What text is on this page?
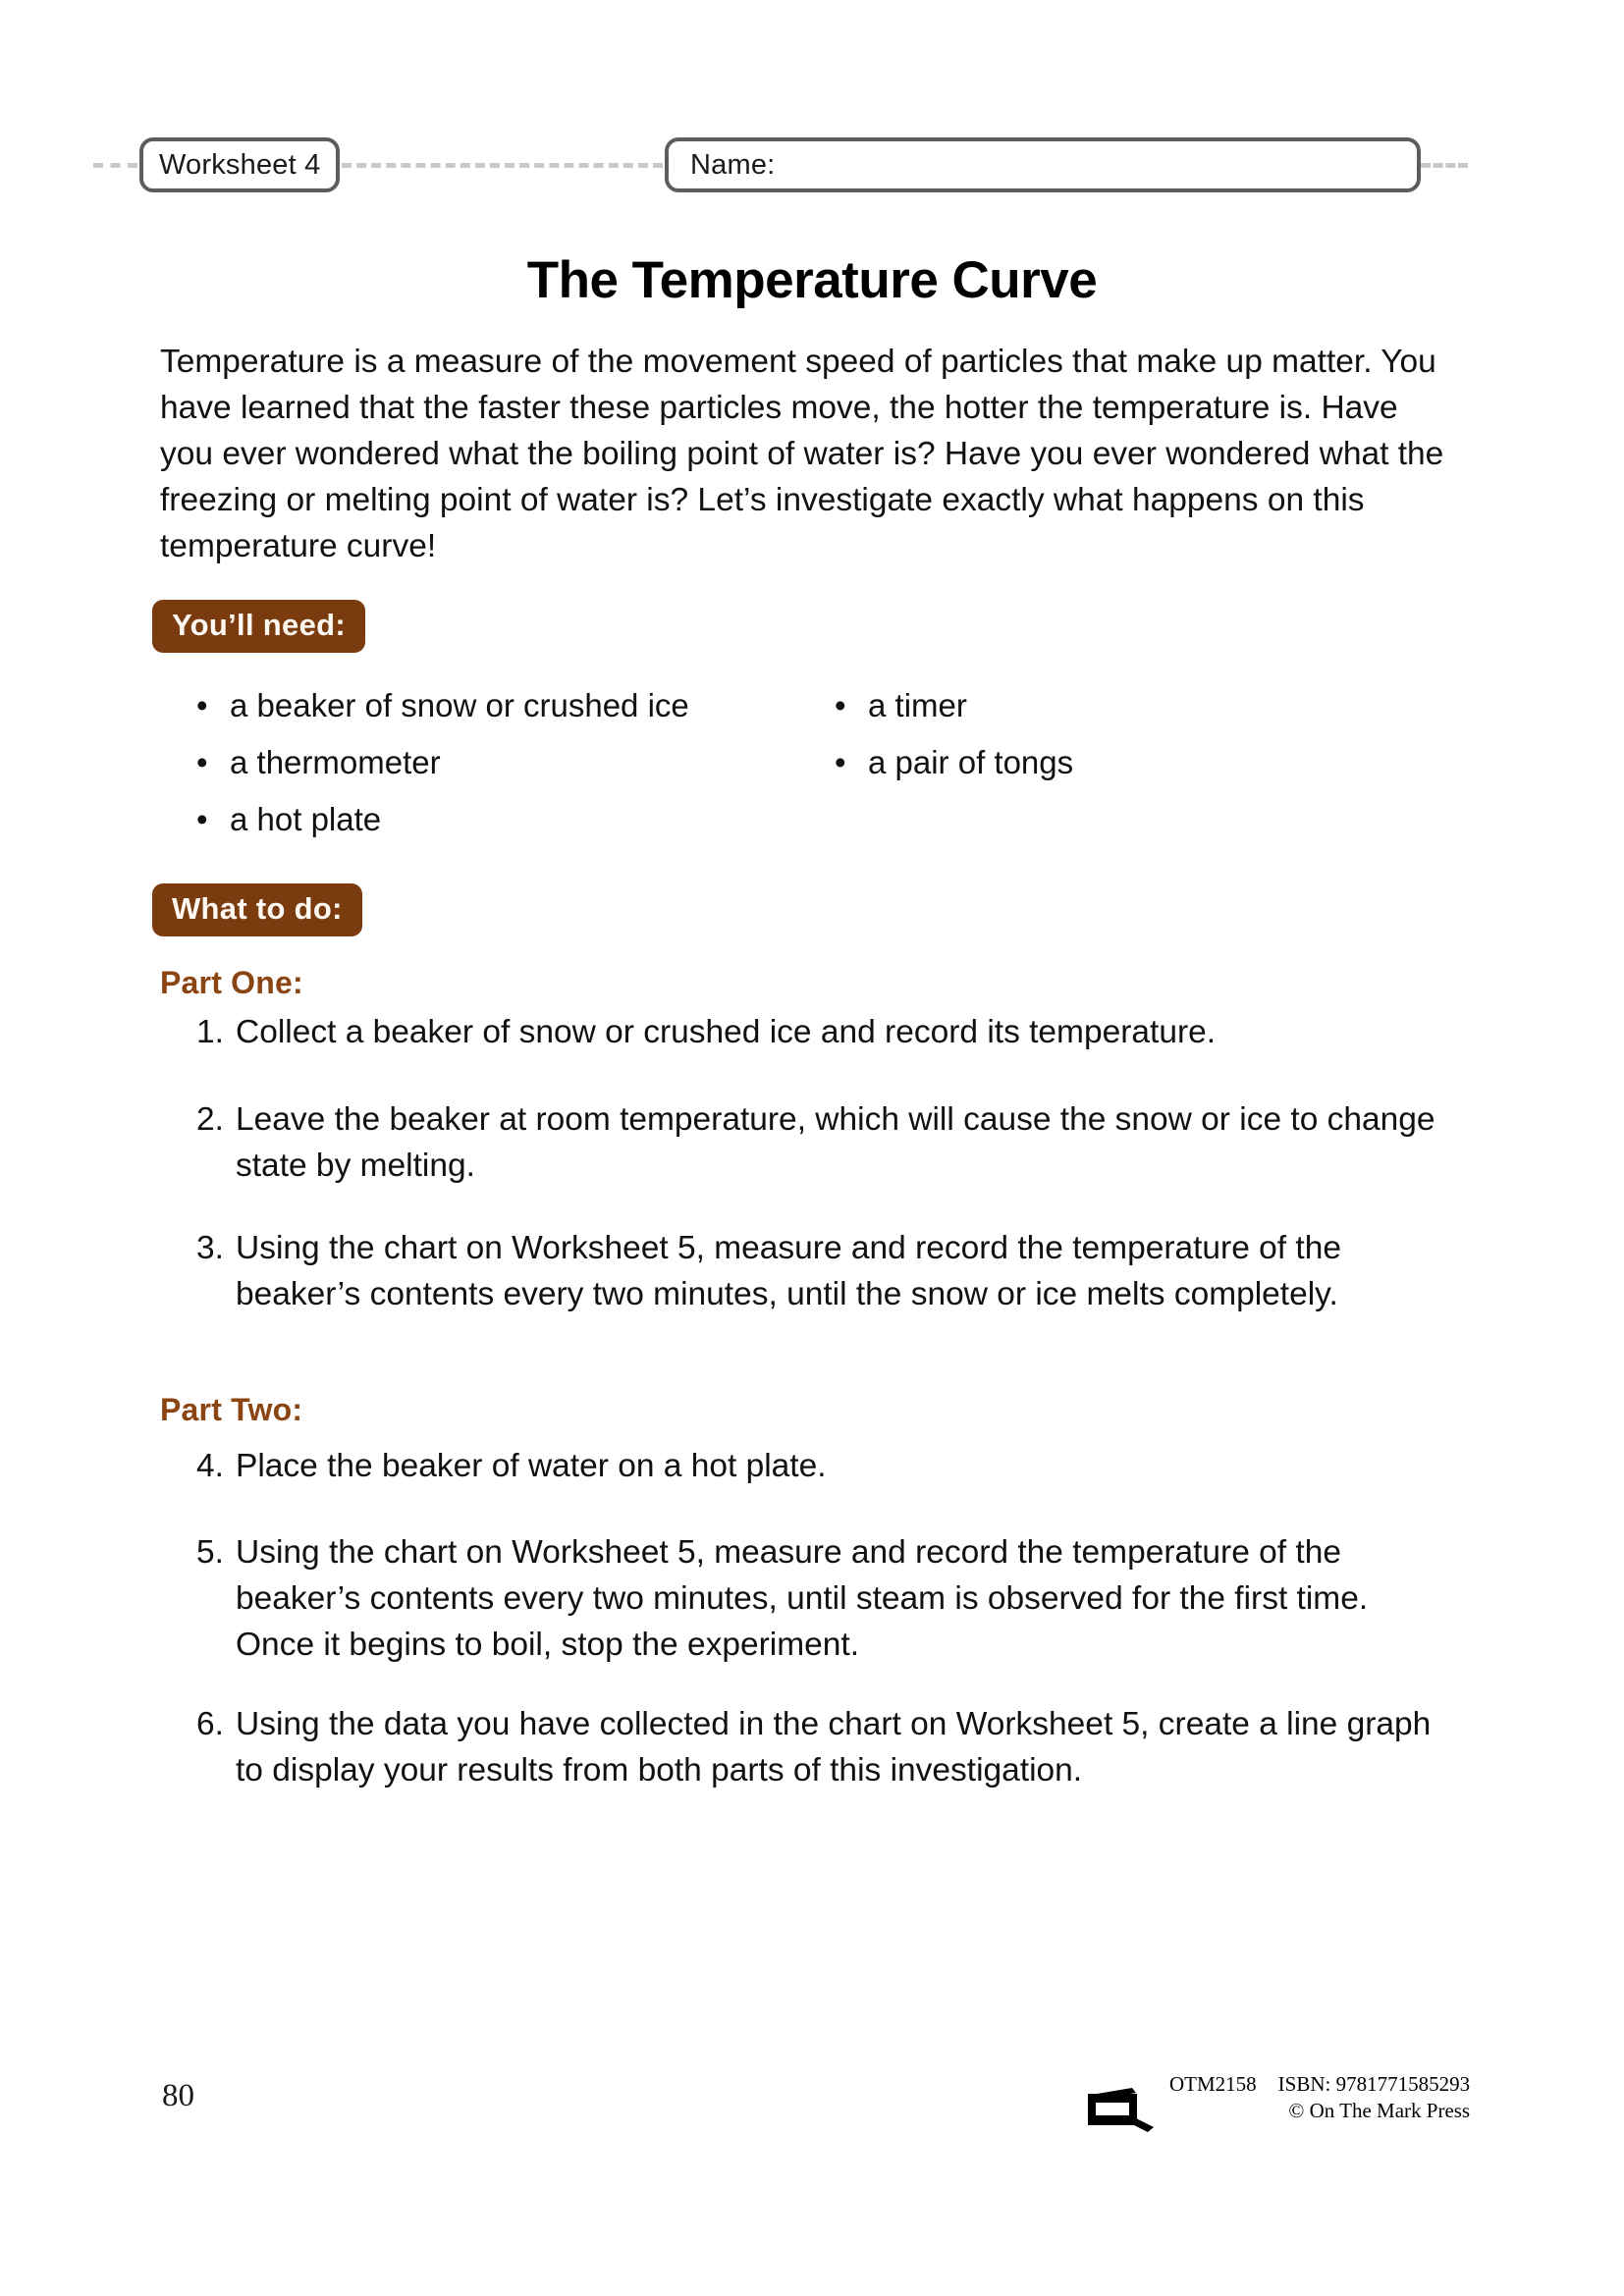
Worksheet 4	Name:
The Temperature Curve
Temperature is a measure of the movement speed of particles that make up matter. You have learned that the faster these particles move, the hotter the temperature is. Have you ever wondered what the boiling point of water is? Have you ever wondered what the freezing or melting point of water is? Let’s investigate exactly what happens on this temperature curve!
You’ll need:
• a beaker of snow or crushed ice
• a thermometer
• a hot plate
• a timer
• a pair of tongs
What to do:
Part One:
1. Collect a beaker of snow or crushed ice and record its temperature.
2. Leave the beaker at room temperature, which will cause the snow or ice to change state by melting.
3. Using the chart on Worksheet 5, measure and record the temperature of the beaker’s contents every two minutes, until the snow or ice melts completely.
Part Two:
4. Place the beaker of water on a hot plate.
5. Using the chart on Worksheet 5, measure and record the temperature of the beaker’s contents every two minutes, until steam is observed for the first time. Once it begins to boil, stop the experiment.
6. Using the data you have collected in the chart on Worksheet 5, create a line graph to display your results from both parts of this investigation.
80	OTM2158 ISBN: 9781771585293
© On The Mark Press
